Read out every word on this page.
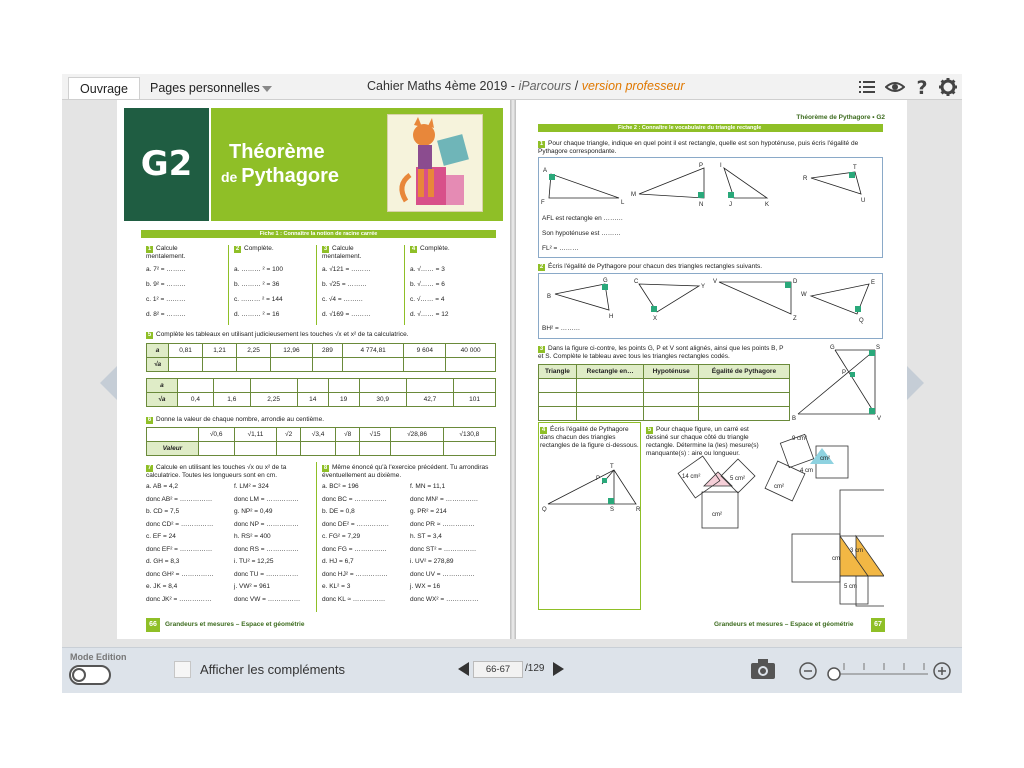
Ouvrage	Pages personnelles	Cahier Maths 4ème 2019 - iParcours / version professeur	?
G2	Théorème
de Pythagore
Fiche 1 : Connaître la notion de racine carrée
1 Calcule mentalement.
a. 7² = ………
b. 9² = ………
c. 1² = ………
d. 8² = ………
2 Complète.
a. ……… ² = 100
b. ……… ² = 36
c. ……… ² = 144
d. ……… ² = 16
3 Calcule mentalement.
a. √121 = ………
b. √25 = ………
c. √4 = ………
d. √169 = ………
4 Complète.
a. √…… = 3
b. √…… = 6
c. √…… = 4
d. √…… = 12
5 Complète les tableaux en utilisant judicieusement les touches √x et x² de ta calculatrice.
a	0,81	1,21	2,25	12,96	289	4 774,81	9 604	40 000
√a								
a								
√a	0,4	1,6	2,25	14	19	30,9	42,7	101
6 Donne la valeur de chaque nombre, arrondie au centième.
	√0,6	√1,11	√2	√3,4	√8	√15	√28,86	√130,8
Valeur								
7 Calcule en utilisant les touches √x ou x² de ta calculatrice. Toutes les longueurs sont en cm.
a. AB = 4,2
donc AB² = ……………
b. CD = 7,5
donc CD² = ……………
c. EF = 24
donc EF² = ……………
d. GH = 8,3
donc GH² = ……………
e. JK = 8,4
donc JK² = ……………
f. LM² = 324
donc LM = ……………
g. NP² = 0,49
donc NP = ……………
h. RS² = 400
donc RS = ……………
i. TU² = 12,25
donc TU = ……………
j. VW² = 961
donc VW = ……………
8 Même énoncé qu'à l'exercice précédent. Tu arrondiras éventuellement au dixième.
a. BC² = 196
donc BC = ……………
b. DE = 0,8
donc DE² = ……………
c. FG² = 7,29
donc FG = ……………
d. HJ = 6,7
donc HJ² = ……………
e. KL² = 3
donc KL ≈ ……………
f. MN = 11,1
donc MN² = ……………
g. PR² = 214
donc PR ≈ ……………
h. ST = 3,4
donc ST² = ……………
i. UV² = 278,89
donc UV = ……………
j. WX = 16
donc WX² = ……………
66	Grandeurs et mesures – Espace et géométrie
Théorème de Pythagore • G2
Fiche 2 : Connaître le vocabulaire du triangle rectangle
1 Pour chaque triangle, indique en quel point il est rectangle, quelle est son hypoténuse, puis écris l'égalité de Pythagore correspondante.
A
F	L
M
P
N
I
J	K
R
T
U
AFL est rectangle en ………
Son hypoténuse est ………
FL² = ………
2 Écris l'égalité de Pythagore pour chacun des triangles rectangles suivants.
B
G
H
C
Y
X
V
Z
D
W
E
Q
BH² = ………
3 Dans la figure ci-contre, les points G, P et V sont alignés, ainsi que les points B, P et S. Complète le tableau avec tous les triangles rectangles codés.
Triangle	Rectangle en…	Hypoténuse	Égalité de Pythagore

G	S
P
B	V
4 Écris l'égalité de Pythagore dans chacun des triangles rectangles de la figure ci-dessous.
T
P
Q	S	R
5 Pour chaque figure, un carré est dessiné sur chaque côté du triangle rectangle. Détermine la (les) mesure(s) manquante(s) : aire ou longueur.
9 cm²
cm²
4 cm
cm²
14 cm²	5 cm²
cm²
cm
3 cm
5 cm
67
Grandeurs et mesures – Espace et géométrie
Mode Edition
Afficher les compléments	66-67	/129
